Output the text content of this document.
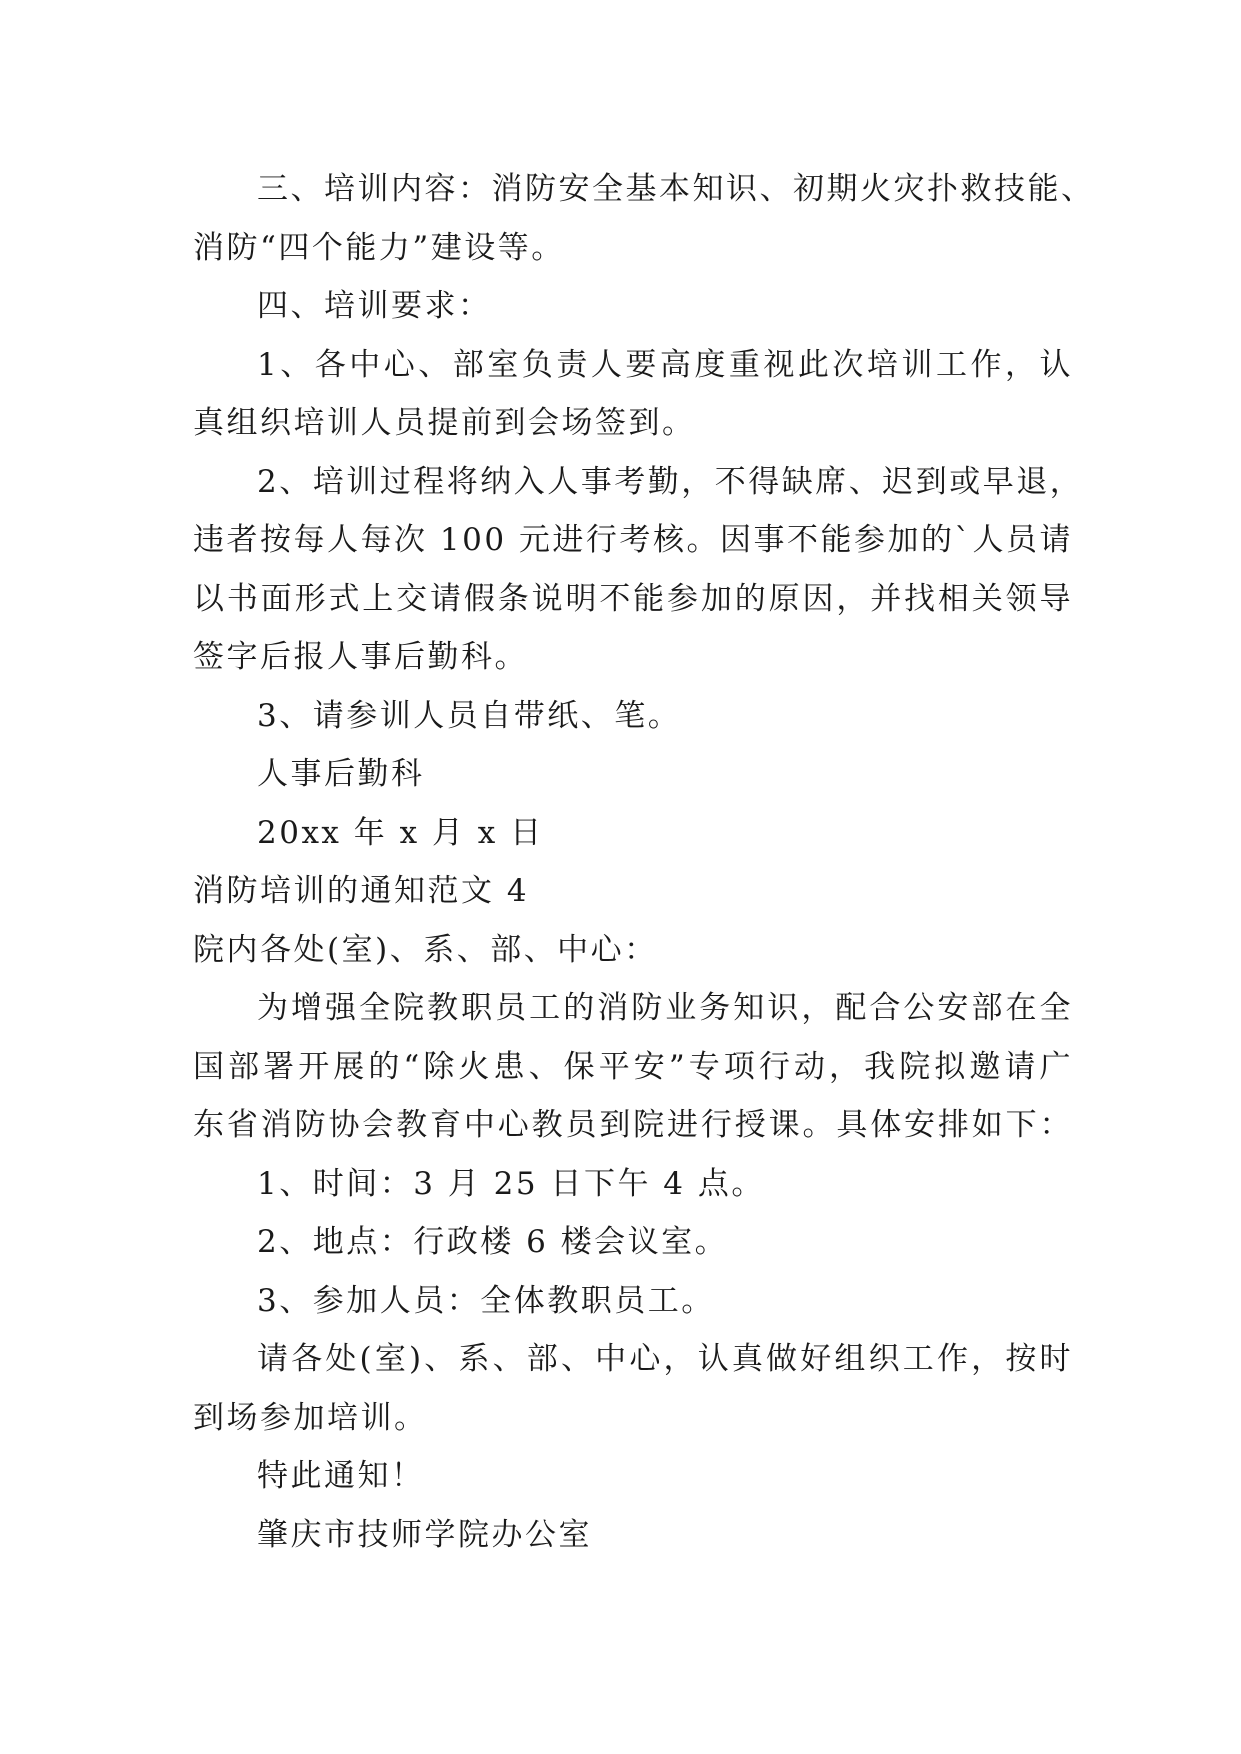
三、培训内容：消防安全基本知识、初期火灾扑救技能、
消防“四个能力”建设等。
四、培训要求：
1、各中心、部室负责人要高度重视此次培训工作，认
真组织培训人员提前到会场签到。
2、培训过程将纳入人事考勤，不得缺席、迟到或早退，
违者按每人每次 100 元进行考核。因事不能参加的`人员请
以书面形式上交请假条说明不能参加的原因，并找相关领导
签字后报人事后勤科。
3、请参训人员自带纸、笔。
人事后勤科
20xx 年 x 月 x 日
消防培训的通知范文 4
院内各处(室)、系、部、中心：
为增强全院教职员工的消防业务知识，配合公安部在全
国部署开展的“除火患、保平安”专项行动，我院拟邀请广
东省消防协会教育中心教员到院进行授课。具体安排如下：
1、时间：3 月 25 日下午 4 点。
2、地点：行政楼 6 楼会议室。
3、参加人员：全体教职员工。
请各处(室)、系、部、中心，认真做好组织工作，按时
到场参加培训。
特此通知！
肇庆市技师学院办公室
